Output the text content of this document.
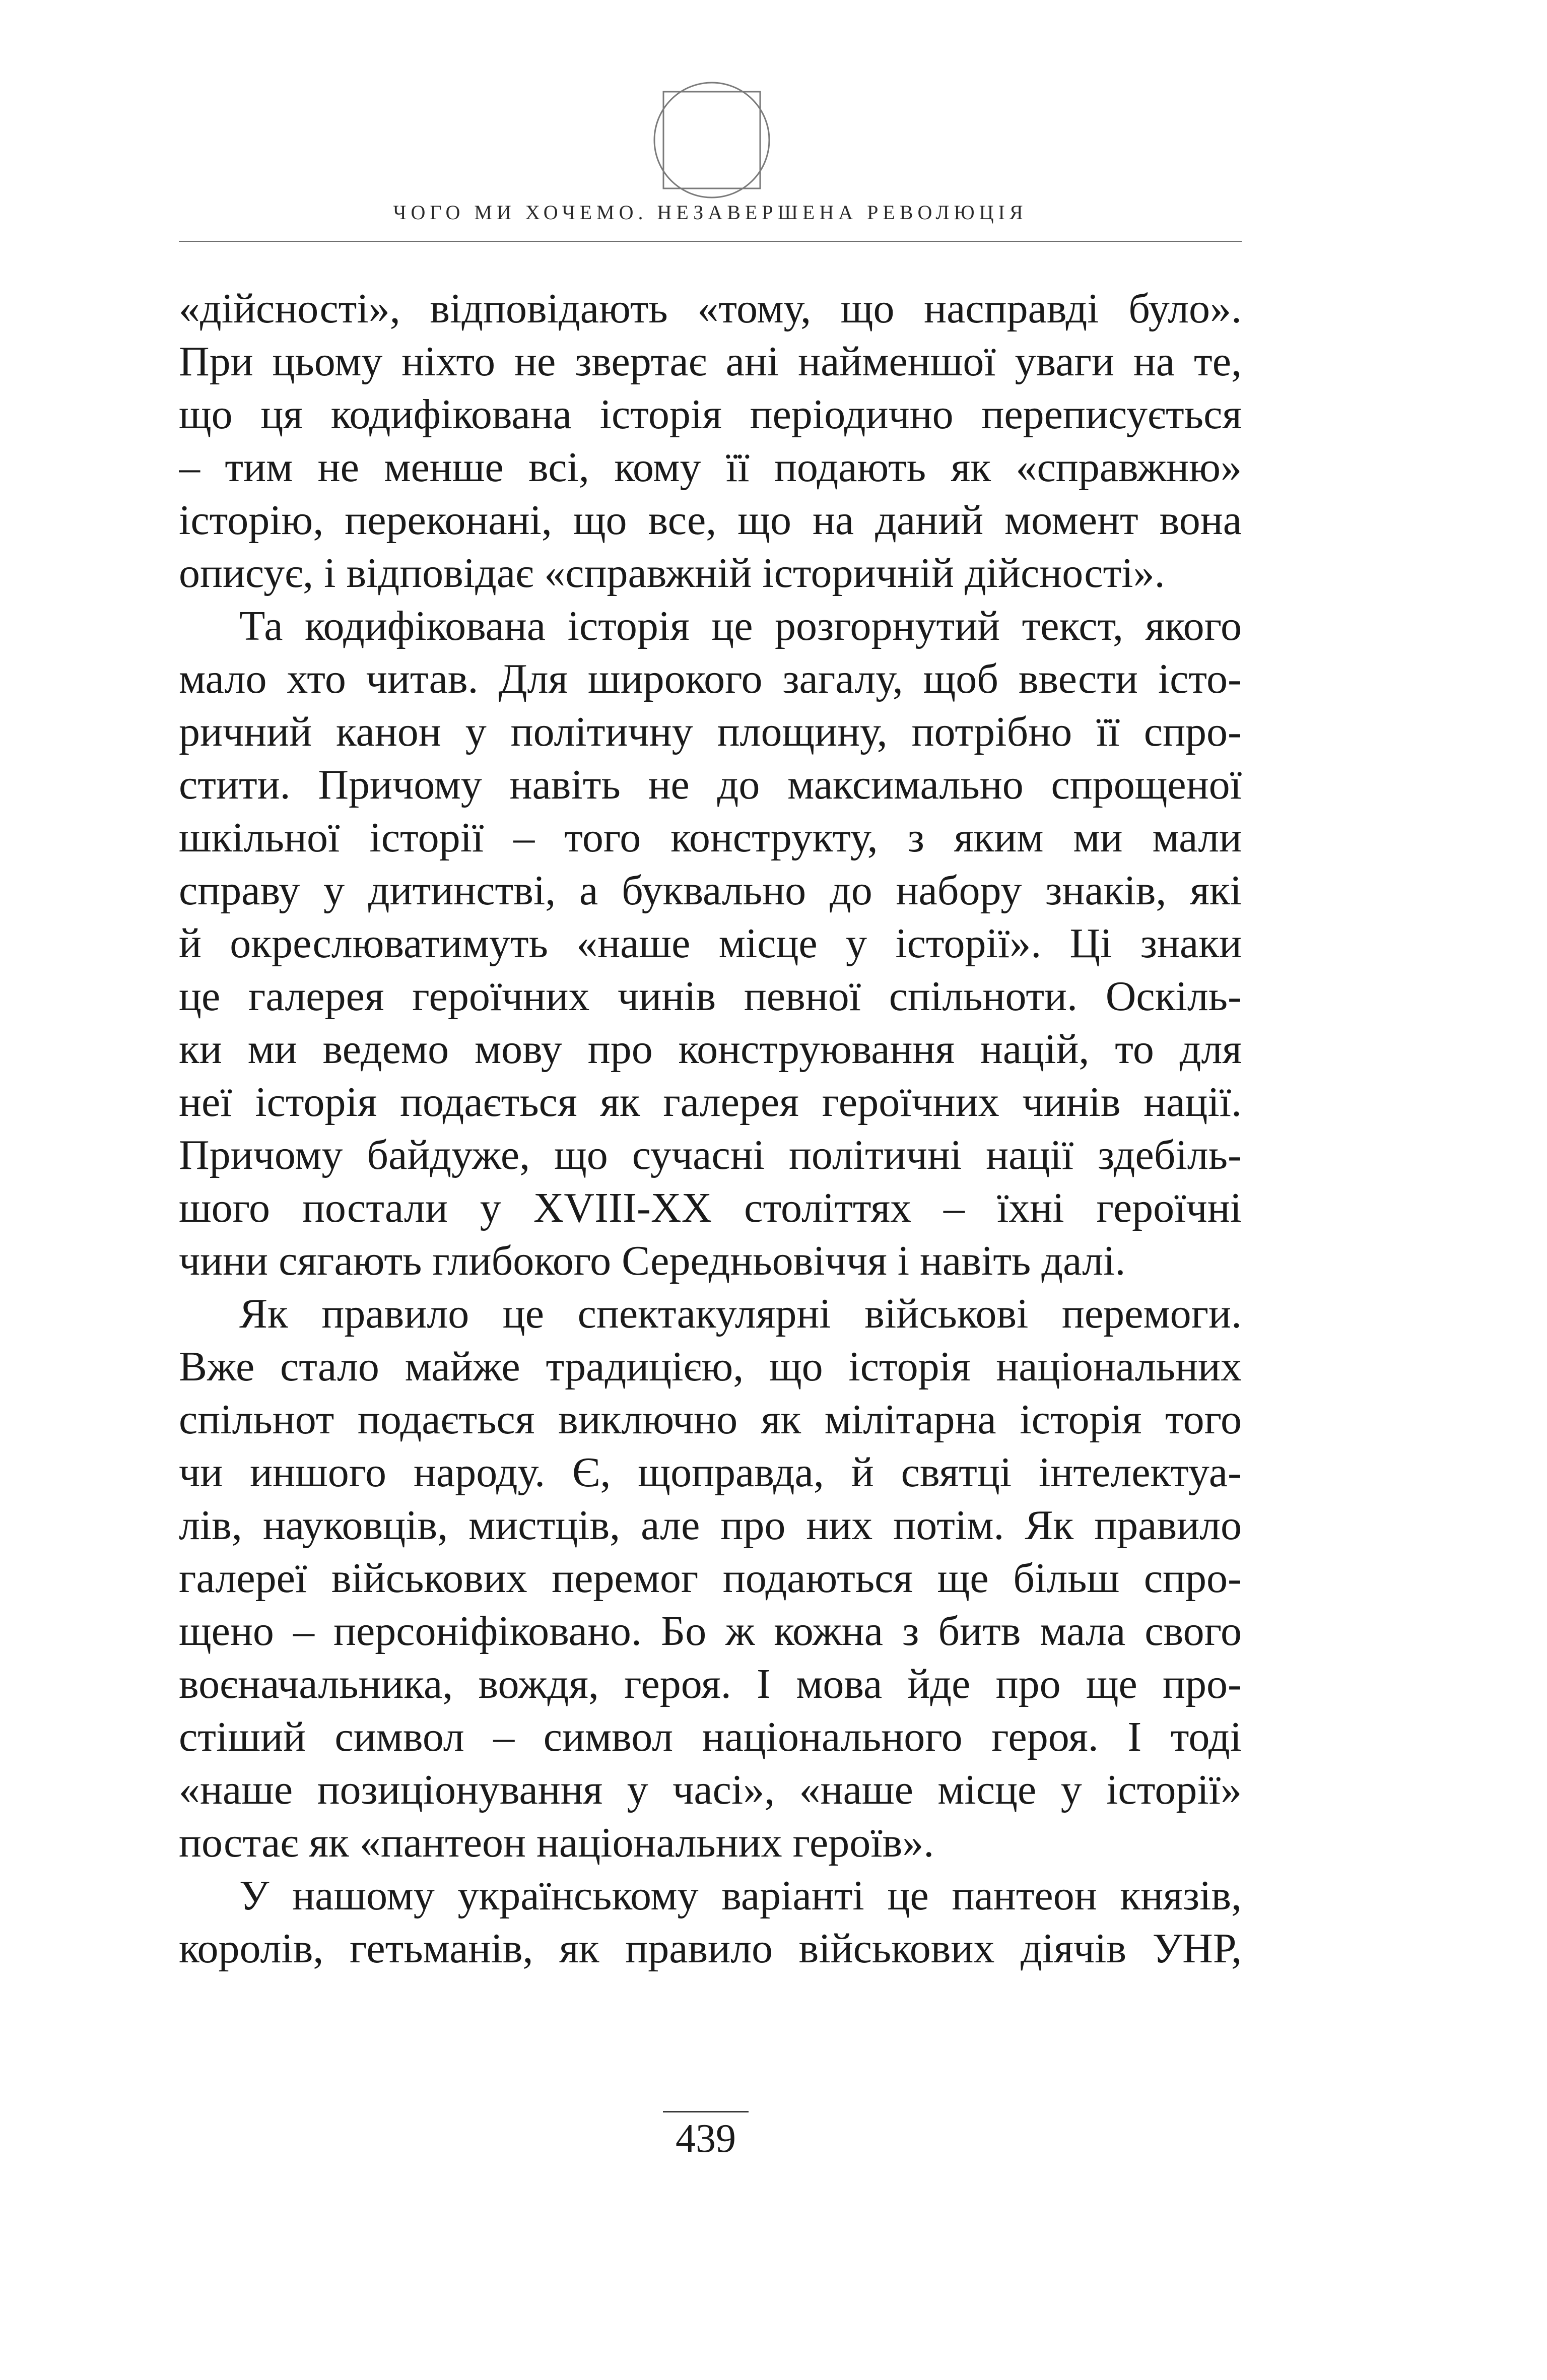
ЧОГО МИ ХОЧЕМО. НЕЗАВЕРШЕНА РЕВОЛЮЦІЯ
«дійсності», відповідають «тому, що насправді було».
При цьому ніхто не звертає ані найменшої уваги на те,
що ця кодифікована історія періодично переписується
– тим не менше всі, кому її подають як «справжню»
історію, переконані, що все, що на даний момент вона
описує, і відповідає «справжній історичній дійсності».
Та кодифікована історія це розгорнутий текст, якого
мало хто читав. Для широкого загалу, щоб ввести істо-
ричний канон у політичну площину, потрібно її спро-
стити. Причому навіть не до максимально спрощеної
шкільної історії – того конструкту, з яким ми мали
справу у дитинстві, а буквально до набору знаків, які
й окреслюватимуть «наше місце у історії». Ці знаки
це галерея героїчних чинів певної спільноти. Оскіль-
ки ми ведемо мову про конструювання націй, то для
неї історія подається як галерея героїчних чинів нації.
Причому байдуже, що сучасні політичні нації здебіль-
шого постали у XVIII-XX століттях – їхні героїчні
чини сягають глибокого Середньовіччя і навіть далі.
Як правило це спектакулярні військові перемоги.
Вже стало майже традицією, що історія національних
спільнот подається виключно як мілітарна історія того
чи иншого народу. Є, щоправда, й святці інтелектуа-
лів, науковців, мистців, але про них потім. Як правило
галереї військових перемог подаються ще більш спро-
щено – персоніфіковано. Бо ж кожна з битв мала свого
воєначальника, вождя, героя. І мова йде про ще про-
стіший символ – символ національного героя. І тоді
«наше позиціонування у часі», «наше місце у історії»
постає як «пантеон національних героїв».
У нашому українському варіанті це пантеон князів,
королів, гетьманів, як правило військових діячів УНР,
439
